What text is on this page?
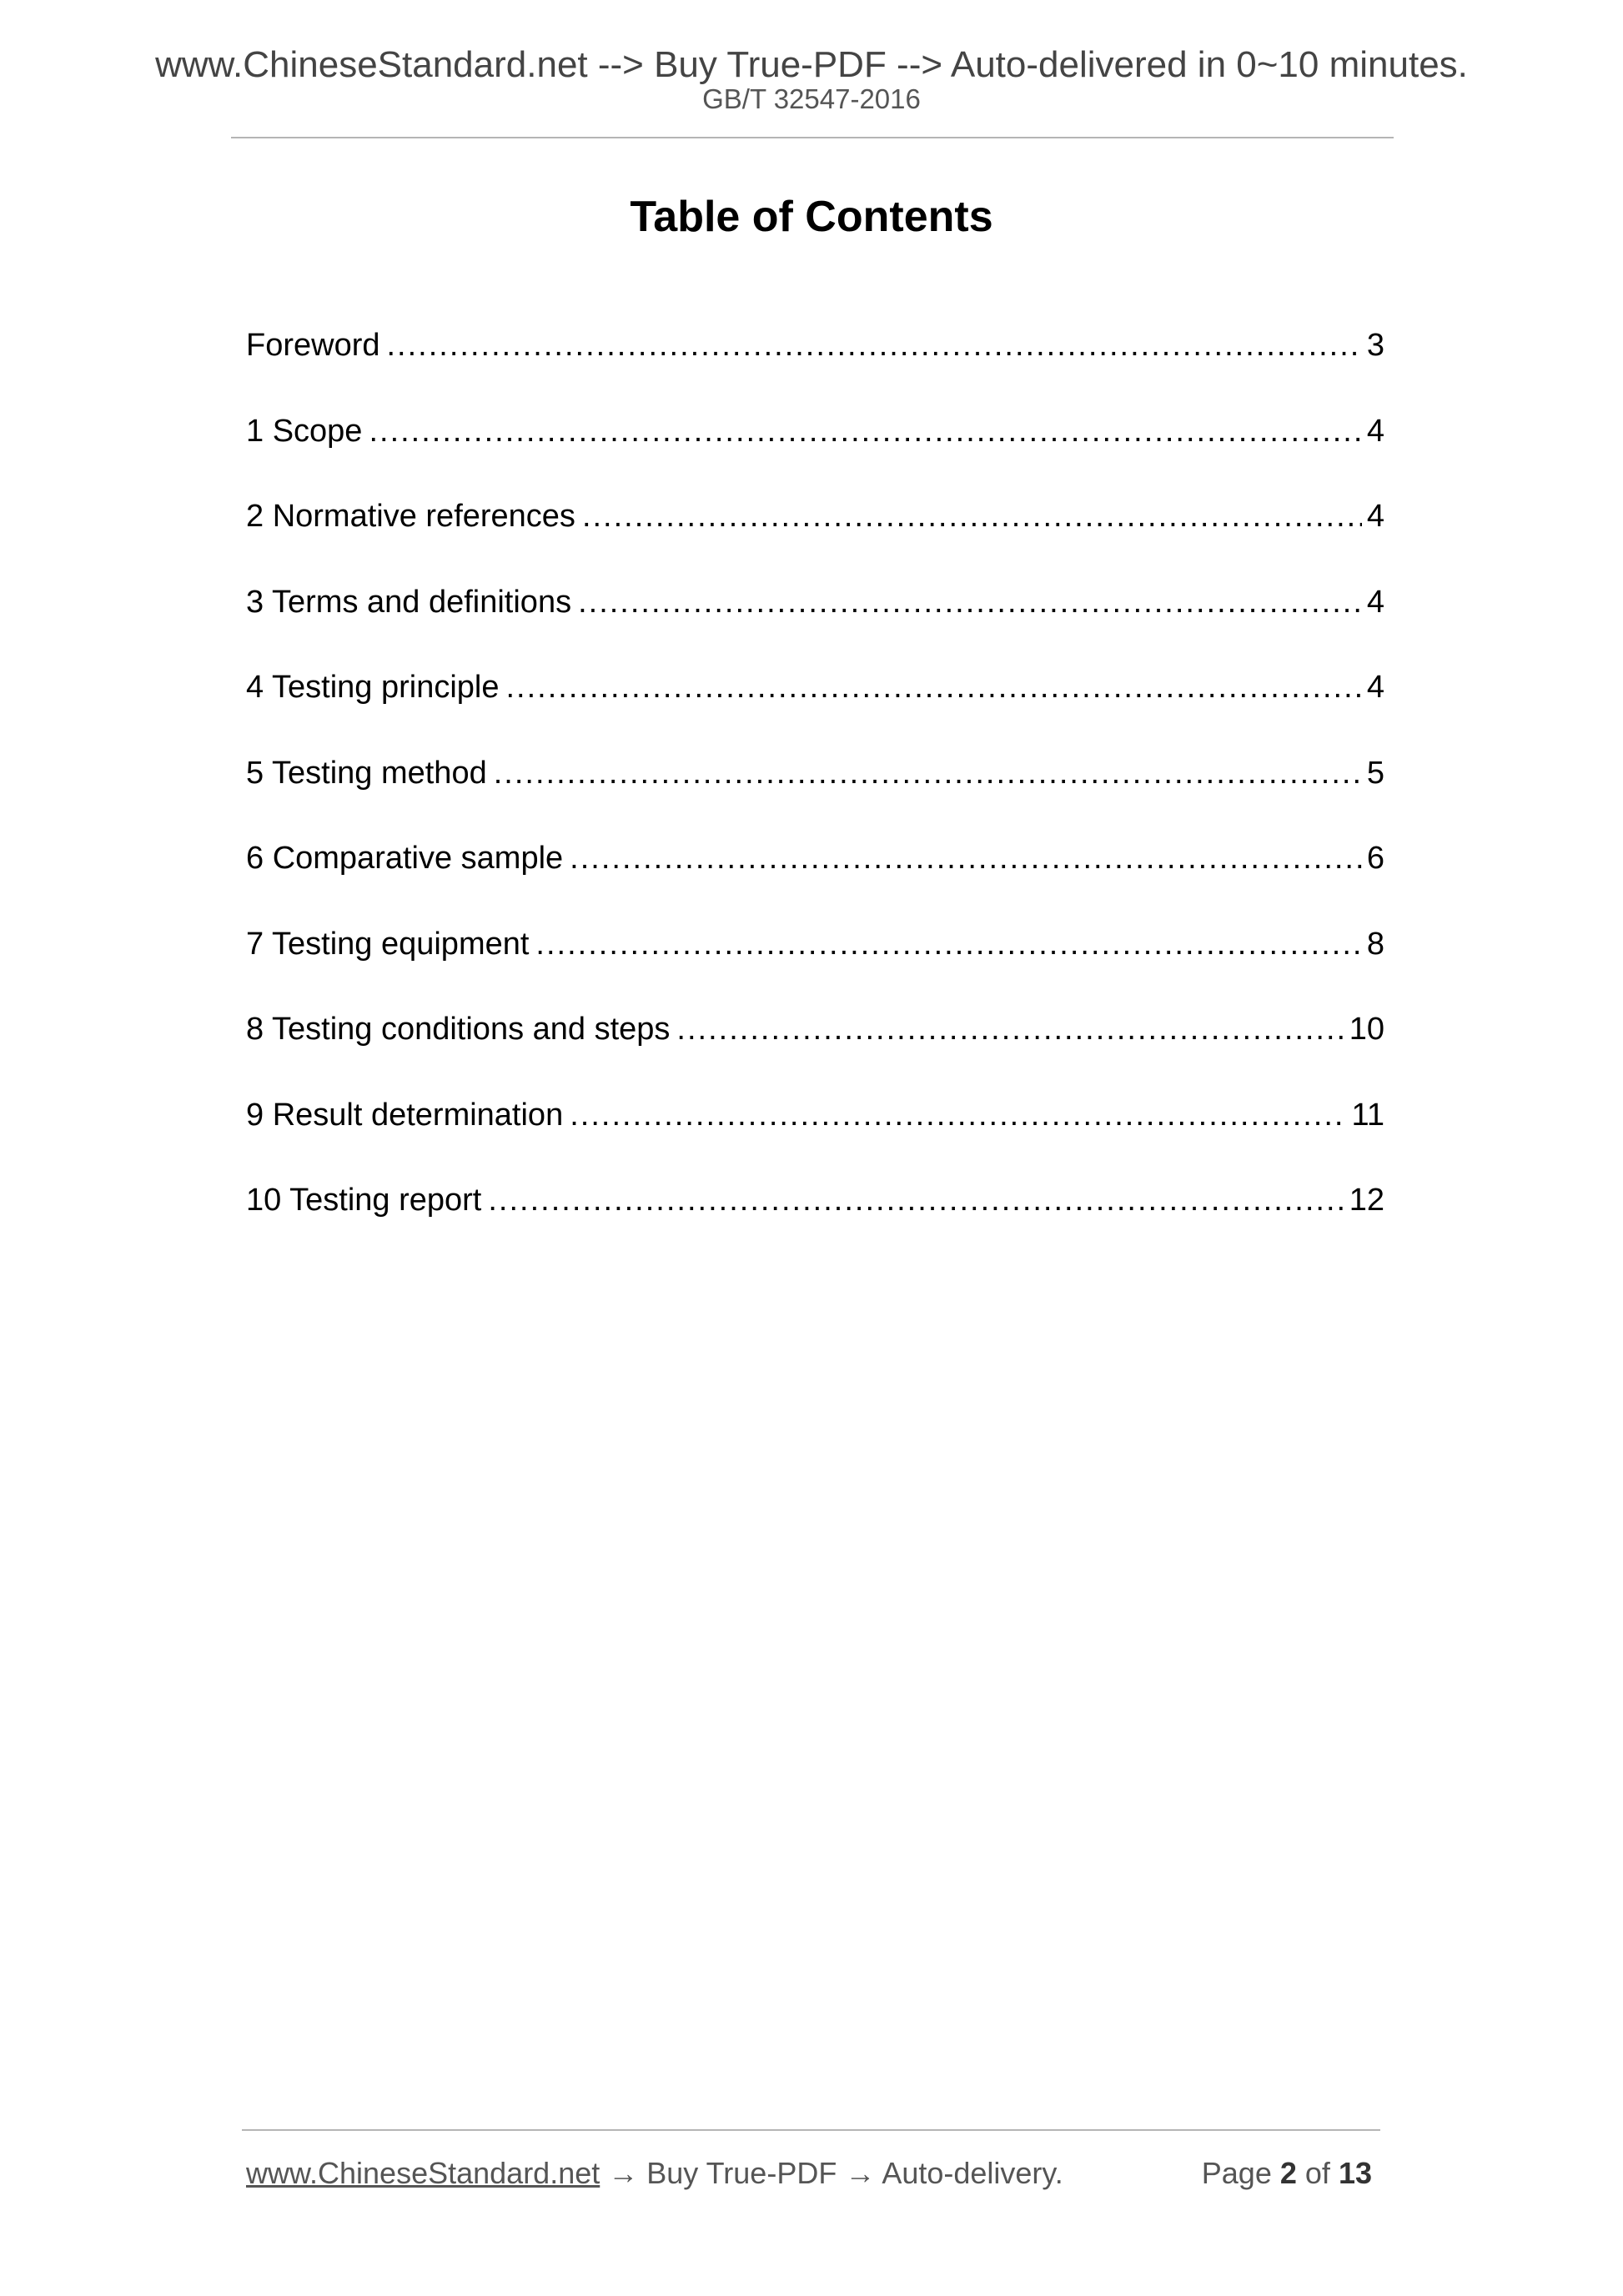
www.ChineseStandard.net --> Buy True-PDF --> Auto-delivered in 0~10 minutes.
GB/T 32547-2016
Table of Contents
Foreword .....	3
1 Scope .....	4
2 Normative references .....	4
3 Terms and definitions .....	4
4 Testing principle .....	4
5 Testing method .....	5
6 Comparative sample .....	6
7 Testing equipment .....	8
8 Testing conditions and steps .....	10
9 Result determination .....	11
10 Testing report .....	12
www.ChineseStandard.net → Buy True-PDF → Auto-delivery.	Page 2 of 13
